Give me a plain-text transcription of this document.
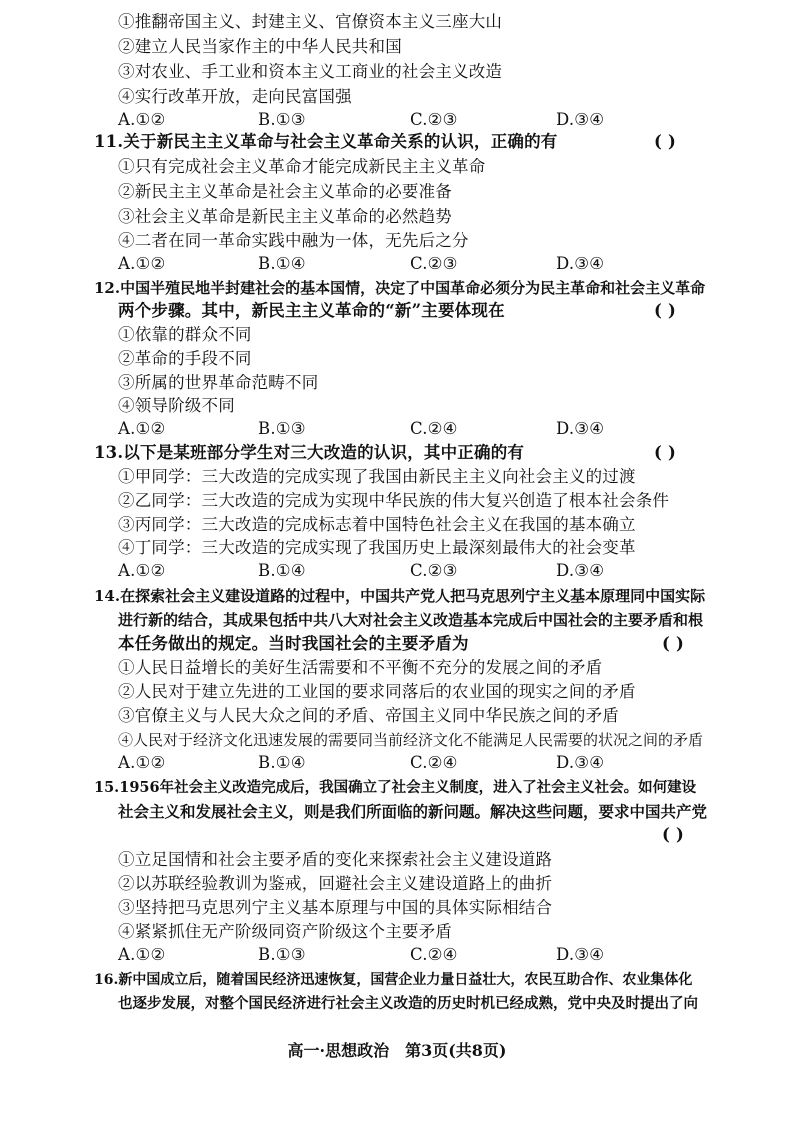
①推翻帝国主义、封建主义、官僚资本主义三座大山
②建立人民当家作主的中华人民共和国
③对农业、手工业和资本主义工商业的社会主义改造
④实行改革开放，走向民富国强
A.①②	B.①③	C.②③	D.③④
11.关于新民主主义革命与社会主义革命关系的认识，正确的有	( )
①只有完成社会主义革命才能完成新民主主义革命
②新民主主义革命是社会主义革命的必要准备
③社会主义革命是新民主主义革命的必然趋势
④二者在同一革命实践中融为一体，无先后之分
A.①②	B.①④	C.②③	D.③④
12.中国半殖民地半封建社会的基本国情，决定了中国革命必须分为民主革命和社会主义革命
两个步骤。其中，新民主主义革命的“新”主要体现在	( )
①依靠的群众不同
②革命的手段不同
③所属的世界革命范畴不同
④领导阶级不同
A.①②	B.①③	C.②④	D.③④
13.以下是某班部分学生对三大改造的认识，其中正确的有	( )
①甲同学：三大改造的完成实现了我国由新民主主义向社会主义的过渡
②乙同学：三大改造的完成为实现中华民族的伟大复兴创造了根本社会条件
③丙同学：三大改造的完成标志着中国特色社会主义在我国的基本确立
④丁同学：三大改造的完成实现了我国历史上最深刻最伟大的社会变革
A.①②	B.①④	C.②③	D.③④
14.在探索社会主义建设道路的过程中，中国共产党人把马克思列宁主义基本原理同中国实际
进行新的结合，其成果包括中共八大对社会主义改造基本完成后中国社会的主要矛盾和根
本任务做出的规定。当时我国社会的主要矛盾为	( )
①人民日益增长的美好生活需要和不平衡不充分的发展之间的矛盾
②人民对于建立先进的工业国的要求同落后的农业国的现实之间的矛盾
③官僚主义与人民大众之间的矛盾、帝国主义同中华民族之间的矛盾
④人民对于经济文化迅速发展的需要同当前经济文化不能满足人民需要的状况之间的矛盾
A.①②	B.①④	C.②④	D.③④
15.1956年社会主义改造完成后，我国确立了社会主义制度，进入了社会主义社会。如何建设
社会主义和发展社会主义，则是我们所面临的新问题。解决这些问题，要求中国共产党
( )
①立足国情和社会主要矛盾的变化来探索社会主义建设道路
②以苏联经验教训为鉴戒，回避社会主义建设道路上的曲折
③坚持把马克思列宁主义基本原理与中国的具体实际相结合
④紧紧抓住无产阶级同资产阶级这个主要矛盾
A.①②	B.①③	C.②④	D.③④
16.新中国成立后，随着国民经济迅速恢复，国营企业力量日益壮大，农民互助合作、农业集体化
也逐步发展，对整个国民经济进行社会主义改造的历史时机已经成熟，党中央及时提出了向
高一·思想政治　第3页(共8页)
